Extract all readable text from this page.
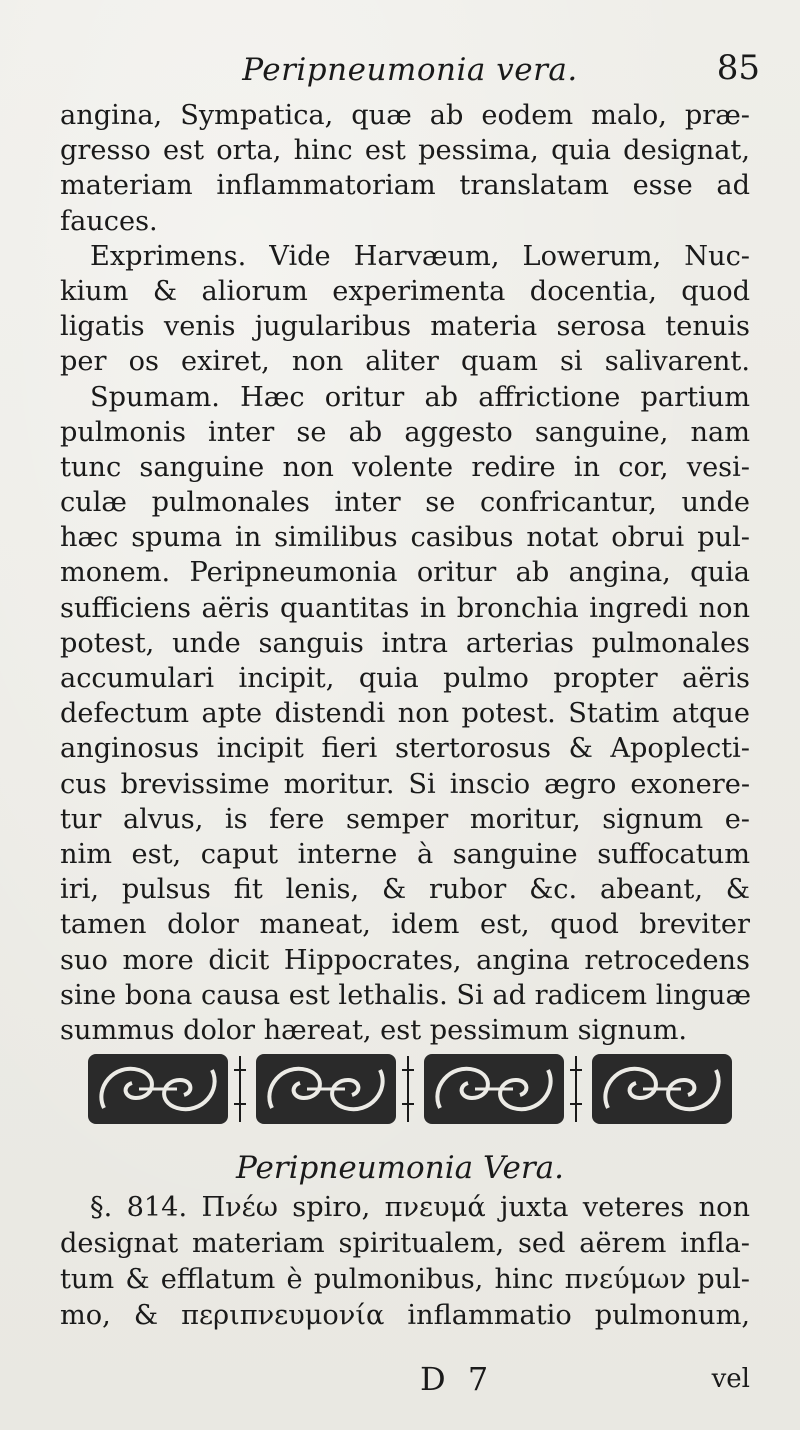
Peripneumonia vera.	85
angina, Sympatica, quæ ab eodem malo, præ-
gresso est orta, hinc est pessima, quia designat,
materiam inflammatoriam translatam esse ad
fauces.
Exprimens. Vide Harvæum, Lowerum, Nuc-
kium & aliorum experimenta docentia, quod
ligatis venis jugularibus materia serosa tenuis
per os exiret, non aliter quam si salivarent.
Spumam. Hæc oritur ab affrictione partium
pulmonis inter se ab aggesto sanguine, nam
tunc sanguine non volente redire in cor, vesi-
culæ pulmonales inter se confricantur, unde
hæc spuma in similibus casibus notat obrui pul-
monem. Peripneumonia oritur ab angina, quia
sufficiens aëris quantitas in bronchia ingredi non
potest, unde sanguis intra arterias pulmonales
accumulari incipit, quia pulmo propter aëris
defectum apte distendi non potest. Statim atque
anginosus incipit fieri stertorosus & Apoplecti-
cus brevissime moritur. Si inscio ægro exonere-
tur alvus, is fere semper moritur, signum e-
nim est, caput interne à sanguine suffocatum
iri, pulsus fit lenis, & rubor &c. abeant, &
tamen dolor maneat, idem est, quod breviter
suo more dicit Hippocrates, angina retrocedens
sine bona causa est lethalis. Si ad radicem linguæ
summus dolor hæreat, est pessimum signum.
Peripneumonia Vera.
§. 814. Πνέω spiro, πνευμά juxta veteres non
designat materiam spiritualem, sed aërem infla-
tum & efflatum è pulmonibus, hinc πνεύμων pul-
mo, & περιπνευμονία inflammatio pulmonum,
D 7	vel
